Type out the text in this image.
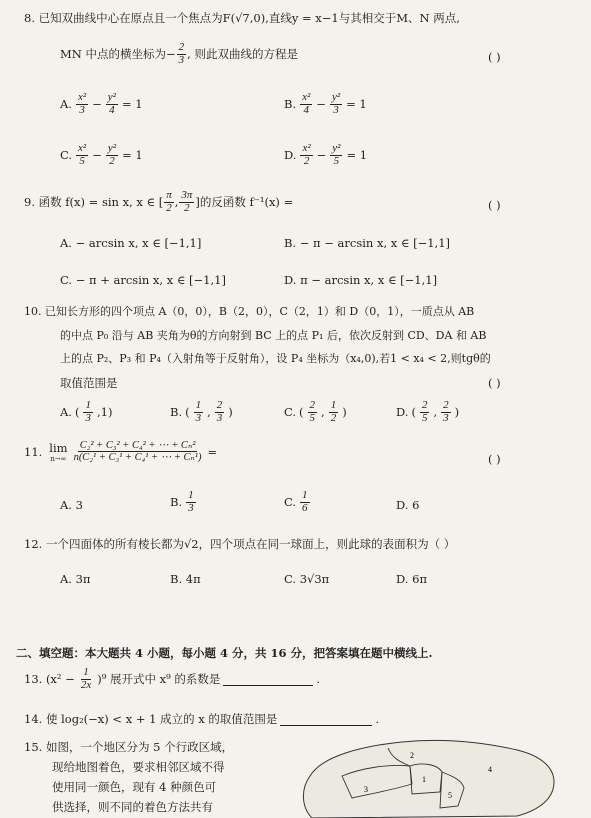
8. 已知双曲线中心在原点且一个焦点为F(√7,0),直线y = x−1与其相交于M、N 两点,
MN 中点的横坐标为 − $\frac{2}{3}$ , 则此双曲线的方程是	( )
A. $\frac{\text{x²}}{3} - \frac{\text{y²}}{4} = 1$	B. $\frac{\text{x²}}{4} - \frac{\text{y²}}{3} = 1$
C. $\frac{\text{x²}}{5} - \frac{\text{y²}}{2} = 1$	D. $\frac{\text{x²}}{2} - \frac{\text{y²}}{5} = 1$
9. 函数 f(x) = sin x, x ∈ [ $\frac{\pi}{2}$ , $\frac{3\pi}{2}$ ]的反函数 f⁻¹(x) =	( )
A. − arcsin x, x ∈ [−1,1]	B. − π − arcsin x, x ∈ [−1,1]
C. − π + arcsin x, x ∈ [−1,1]	D. π − arcsin x, x ∈ [−1,1]
10. 已知长方形的四个项点 A（0，0），B（2，0），C（2，1）和 D（0，1），一质点从 AB
的中点 P₀ 沿与 AB 夹角为θ的方向射到 BC 上的点 P₁ 后，依次反射到 CD、DA 和 AB
上的点 P₂、P₃ 和 P₄（入射角等于反射角），设 P₄ 坐标为（x₄,0),若1 < x₄ < 2,则tgθ的
取值范围是	( )
A. ( $\frac{1}{3} ,1$)	B. ( $\frac{1}{3}$ , $\frac{2}{3}$ )	C. ( $\frac{2}{5}$ , $\frac{1}{2}$ )	D. ( $\frac{2}{5}$ , $\frac{2}{3}$ )
11. lim
$n\to\infty \frac{\text{C₂² + C₃² + C₄² + ⋯ + Cₙ²}}{\text{n(C₂¹ + C₃¹ + C₄¹ + ⋯ + Cₙ¹)}}$ =
( )
A. 3	B. $\frac{1}{3}$	C. $\frac{1}{6}$	D. 6
12. 一个四面体的所有棱长都为√2，四个项点在同一球面上，则此球的表面积为（ ）
A. 3π	B. 4π	C. 3√3π	D. 6π
二、填空题：本大题共 4 小题，每小题 4 分，共 16 分，把答案填在题中横线上.
13. $(x^2 - \frac{1}{2x} )^9$ 展开式中 x⁹ 的系数是	.
14. 使 log₂(−x) < x + 1 成立的 x 的取值范围是	.
15. 如图，一个地区分为 5 个行政区域，
现给地图着色，要求相邻区域不得
使用同一颜色，现有 4 种颜色可
供选择，则不同的着色方法共有
3
1
2
4
5
